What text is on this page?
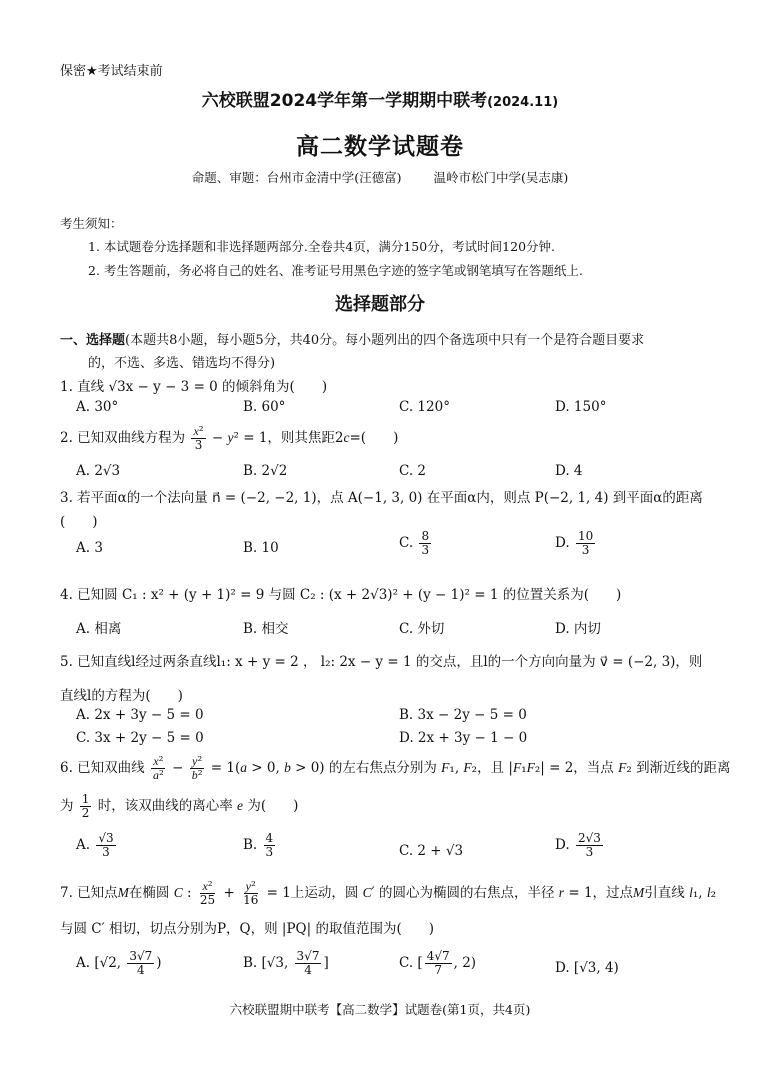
保密★考试结束前
六校联盟2024学年第一学期期中联考(2024.11)
高二数学试题卷
命题、审题：台州市金清中学(汪德富)	温岭市松门中学(吴志康)
考生须知：
1. 本试题卷分选择题和非选择题两部分.全卷共4页，满分150分，考试时间120分钟.
2. 考生答题前，务必将自己的姓名、准考证号用黑色字迹的签字笔或钢笔填写在答题纸上.
选择题部分
一、选择题(本题共8小题，每小题5分，共40分。每小题列出的四个备选项中只有一个是符合题目要求
的，不选、多选、错选均不得分)
1. 直线 √3x − y − 3 = 0 的倾斜角为(　　)
A. 30°	B. 60°	C. 120°	D. 150°
2. 已知双曲线方程为 $\frac{\text{x²}}{3} - y^2 = 1$，则其焦距2c=(　　)
A. 2√3	B. 2√2	C. 2	D. 4
3. 若平面α的一个法向量 n⃗ = (−2, −2, 1)，点 A(−1, 3, 0) 在平面α内，则点 P(−2, 1, 4) 到平面α的距离
(　　)
A. 3	B. 10	C. $\frac{8}{3}$	D. $\frac{10}{3}$
4. 已知圆 C₁ : x² + (y + 1)² = 9 与圆 C₂ : (x + 2√3)² + (y − 1)² = 1 的位置关系为(　　)
A. 相离	B. 相交	C. 外切	D. 内切
5. 已知直线l经过两条直线l₁: x + y = 2 ， l₂: 2x − y = 1 的交点，且l的一个方向向量为 v⃗ = (−2, 3)，则
直线l的方程为(　　)
A. 2x + 3y − 5 = 0	B. 3x − 2y − 5 = 0
C. 3x + 2y − 5 = 0	D. 2x + 3y − 1 − 0
6. 已知双曲线 $\frac{\text{x²}}{\text{a²}} - \frac{\text{y²}}{\text{b²}} = 1(a > 0$, b > 0) 的左右焦点分别为 F₁, F₂，且 |F₁F₂| = 2，当点 F₂ 到渐近线的距离
为 $\frac{1}{2}$ 时，该双曲线的离心率 e 为(　　)
A. $\frac{√3}{3}$	B. $\frac{4}{3}$	C. 2 + √3	D. $\frac{2√3}{3}$
7. 已知点M在椭圆 C : $\frac{\text{x²}}{25} + \frac{\text{y²}}{16} = 1$上运动，圆 C′ 的圆心为椭圆的右焦点，半径 r = 1，过点M引直线 l₁, l₂
与圆 C′ 相切，切点分别为P，Q，则 |PQ| 的取值范围为(　　)
A. [√2, $\frac{3√7}{4}$ )	B. [√3, $\frac{3√7}{4}$ ]	C. [ $\frac{4√7}{7}$ , 2)	D. [√3, 4)
六校联盟期中联考【高二数学】试题卷(第1页，共4页)
